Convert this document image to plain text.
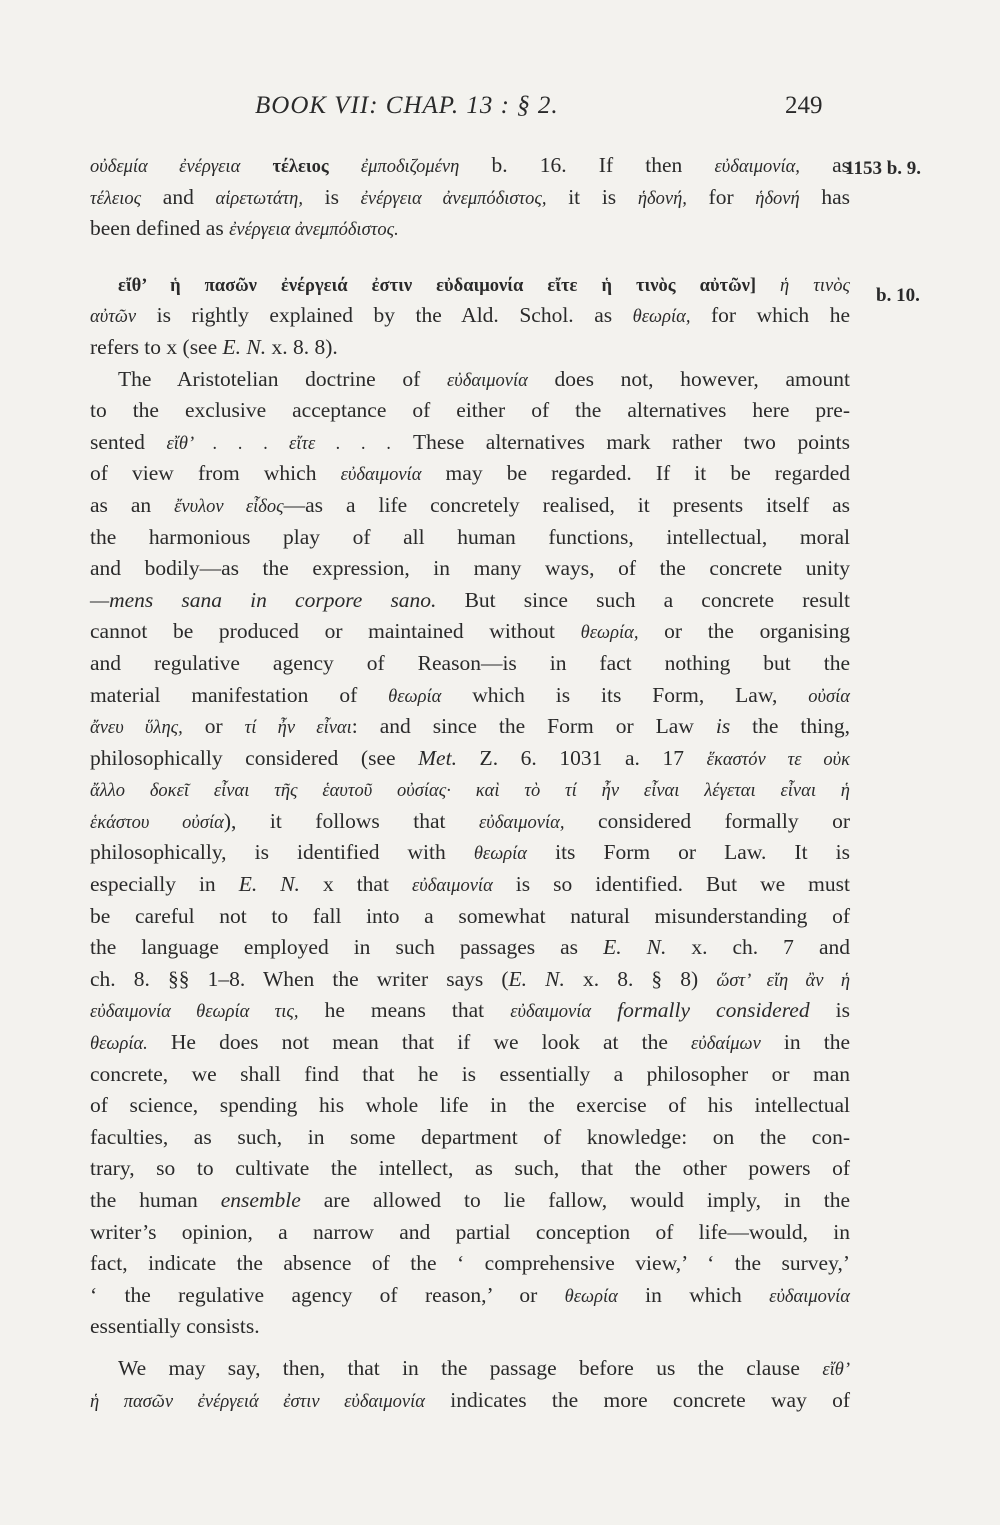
BOOK VII: CHAP. 13 : § 2.	249
1153 b. 9.
b. 10.
οὐδεμία ἐνέργεια τέλειος ἐμποδιζομένη b. 16. If then εὐδαιμονία, as
τέλειος and αἱρετωτάτη, is ἐνέργεια ἀνεμπόδιστος, it is ἡδονή, for ἡδονή has
been defined as ἐνέργεια ἀνεμπόδιστος.
εἴθ’ ἡ πασῶν ἐνέργειά ἐστιν εὐδαιμονία εἴτε ἡ τινὸς αὐτῶν] ἡ τινὸς
αὐτῶν is rightly explained by the Ald. Schol. as θεωρία, for which he
refers to x (see E. N. x. 8. 8).
The Aristotelian doctrine of εὐδαιμονία does not, however, amount
to the exclusive acceptance of either of the alternatives here pre-
sented εἴθ’ . . . εἴτε . . . These alternatives mark rather two points
of view from which εὐδαιμονία may be regarded. If it be regarded
as an ἔνυλον εἶδος—as a life concretely realised, it presents itself as
the harmonious play of all human functions, intellectual, moral
and bodily—as the expression, in many ways, of the concrete unity
—mens sana in corpore sano. But since such a concrete result
cannot be produced or maintained without θεωρία, or the organising
and regulative agency of Reason—is in fact nothing but the
material manifestation of θεωρία which is its Form, Law, οὐσία
ἄνευ ὕλης, or τί ἦν εἶναι: and since the Form or Law is the thing,
philosophically considered (see Met. Z. 6. 1031 a. 17 ἕκαστόν τε οὐκ
ἄλλο δοκεῖ εἶναι τῆς ἑαυτοῦ οὐσίας· καὶ τὸ τί ἦν εἶναι λέγεται εἶναι ἡ
ἑκάστου οὐσία), it follows that εὐδαιμονία, considered formally or
philosophically, is identified with θεωρία its Form or Law. It is
especially in E. N. x that εὐδαιμονία is so identified. But we must
be careful not to fall into a somewhat natural misunderstanding of
the language employed in such passages as E. N. x. ch. 7 and
ch. 8. §§ 1–8. When the writer says (E. N. x. 8. § 8) ὥστ’ εἴη ἂν ἡ
εὐδαιμονία θεωρία τις, he means that εὐδαιμονία formally considered is
θεωρία. He does not mean that if we look at the εὐδαίμων in the
concrete, we shall find that he is essentially a philosopher or man
of science, spending his whole life in the exercise of his intellectual
faculties, as such, in some department of knowledge: on the con-
trary, so to cultivate the intellect, as such, that the other powers of
the human ensemble are allowed to lie fallow, would imply, in the
writer’s opinion, a narrow and partial conception of life—would, in
fact, indicate the absence of the ‘ comprehensive view,’ ‘ the survey,’
‘ the regulative agency of reason,’ or θεωρία in which εὐδαιμονία
essentially consists.
We may say, then, that in the passage before us the clause εἴθ’
ἡ πασῶν ἐνέργειά ἐστιν εὐδαιμονία indicates the more concrete way of
